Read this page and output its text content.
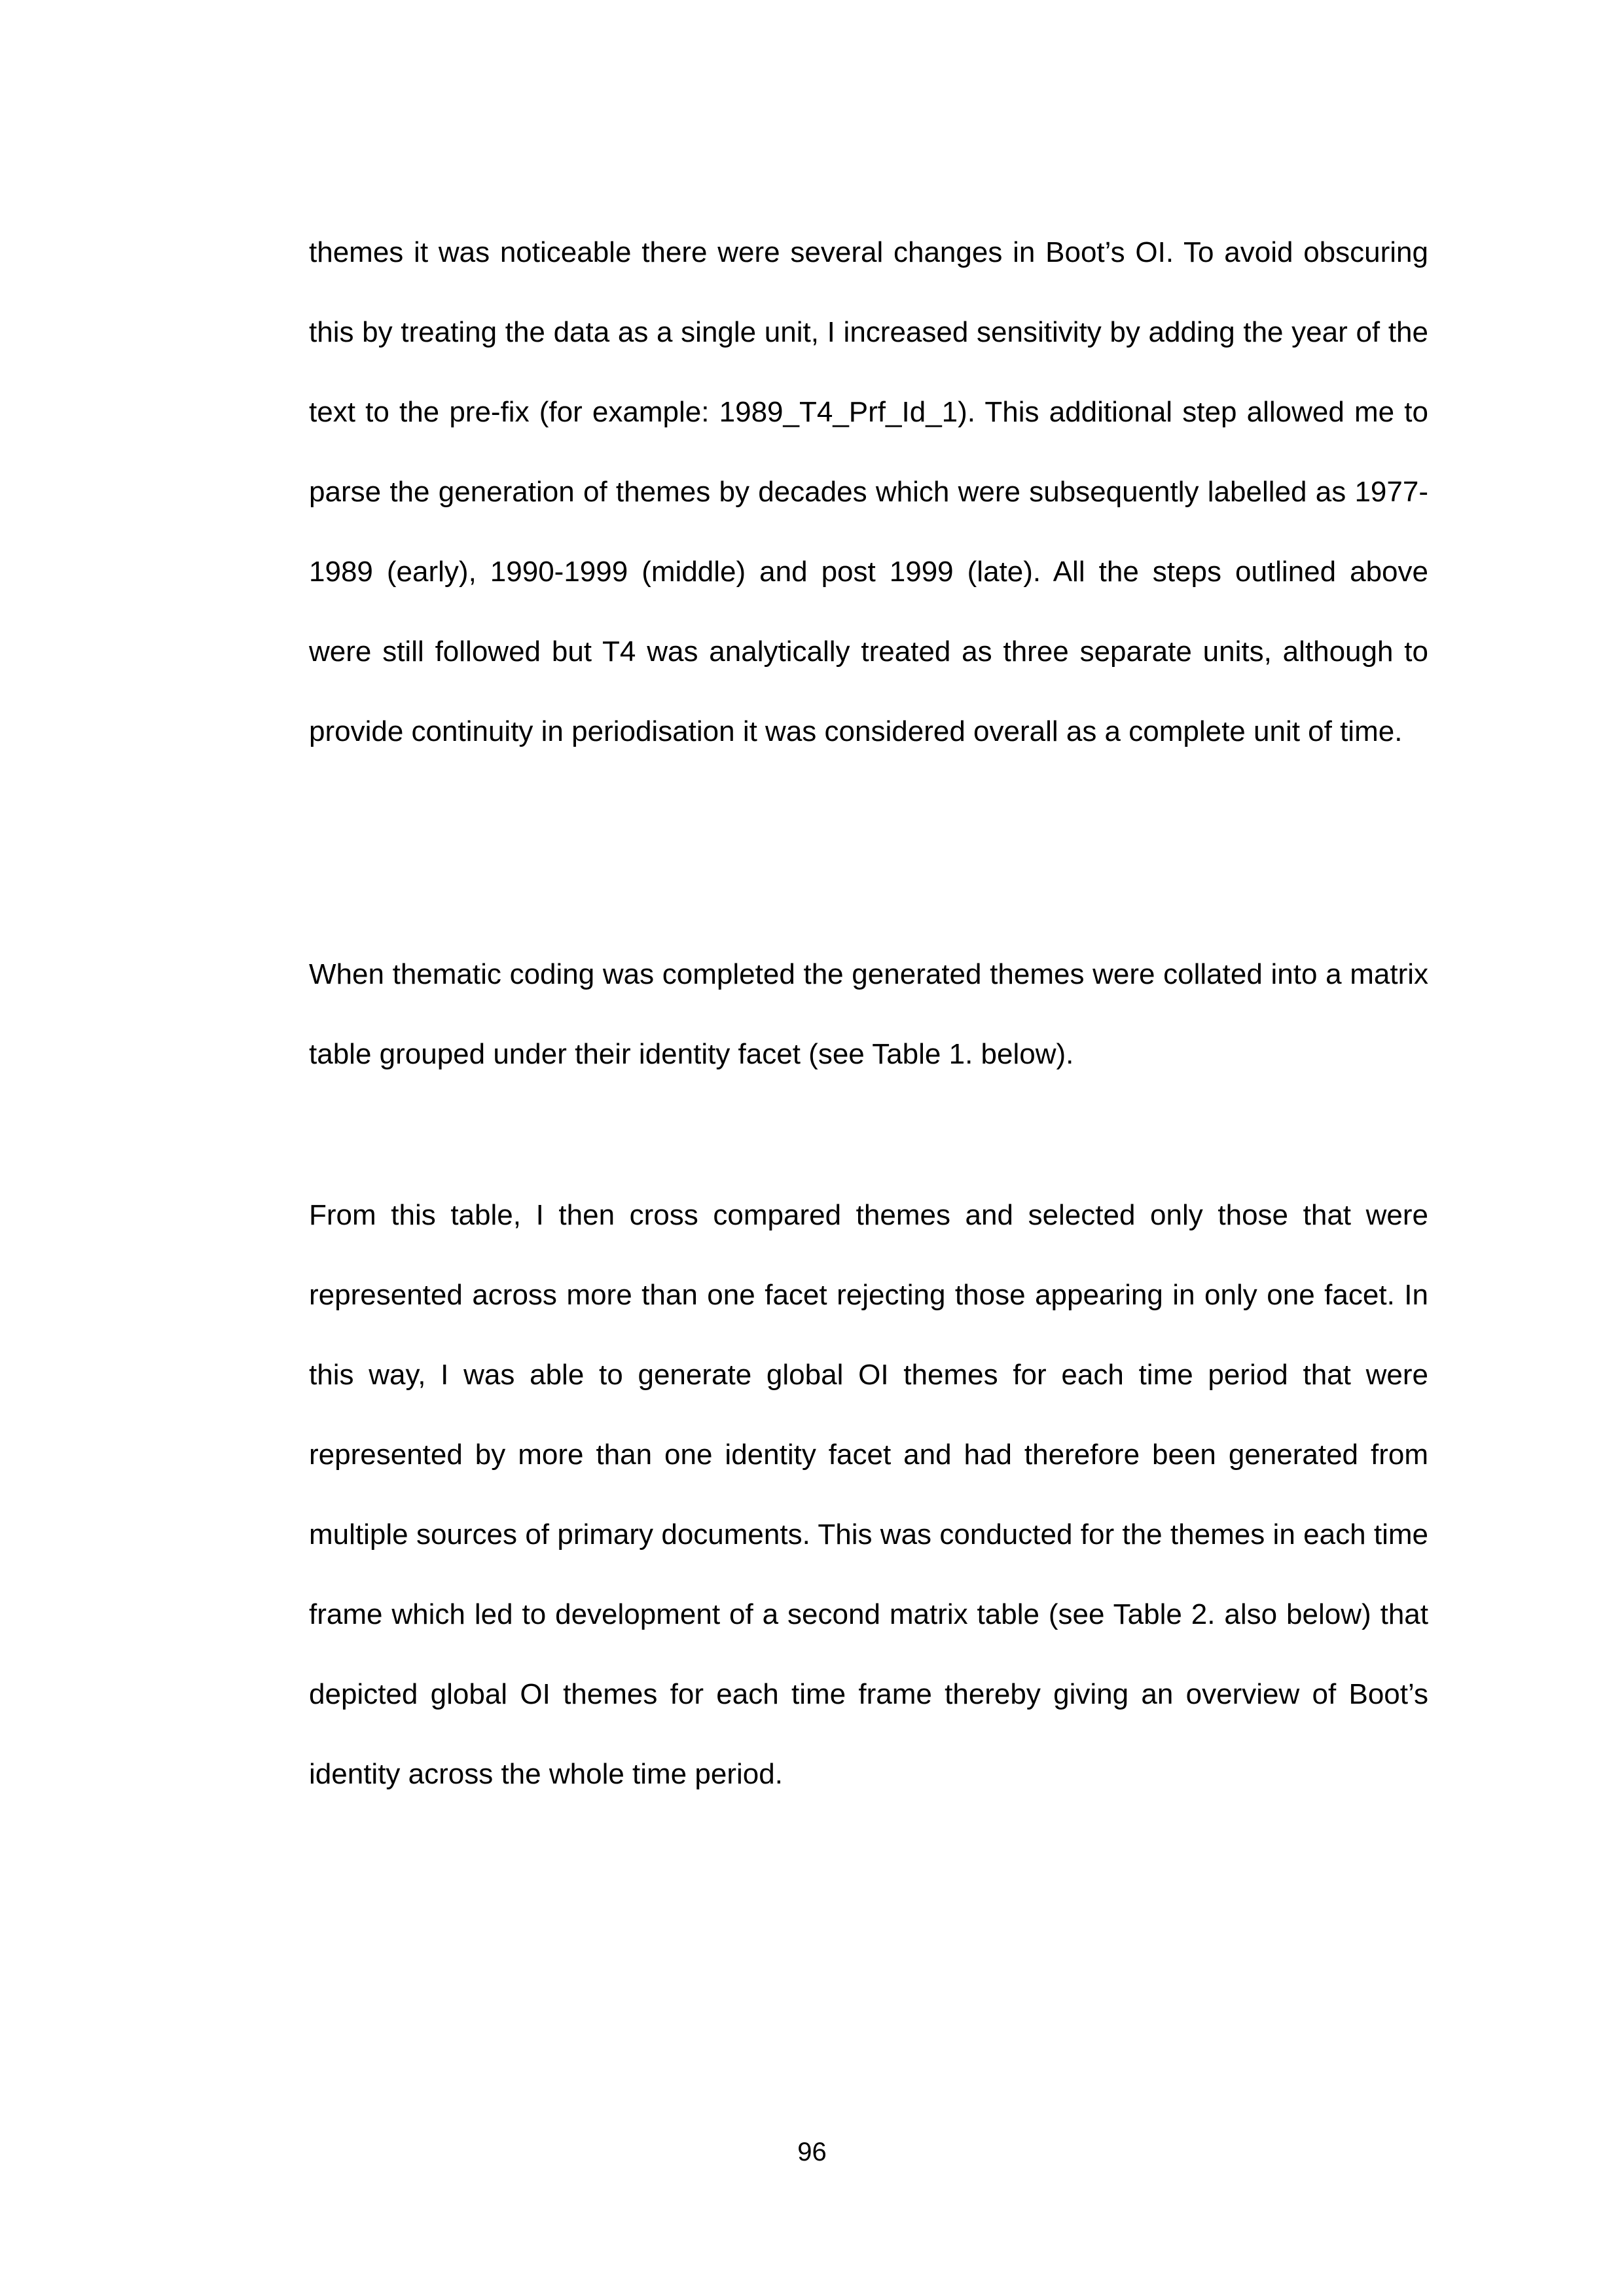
themes it was noticeable there were several changes in Boot’s OI. To avoid obscuring this by treating the data as a single unit, I increased sensitivity by adding the year of the text to the pre-fix (for example: 1989_T4_Prf_Id_1). This additional step allowed me to parse the generation of themes by decades which were subsequently labelled as 1977-1989 (early), 1990-1999 (middle) and post 1999 (late). All the steps outlined above were still followed but T4 was analytically treated as three separate units, although to provide continuity in periodisation it was considered overall as a complete unit of time.

When thematic coding was completed the generated themes were collated into a matrix table grouped under their identity facet (see Table 1. below).

From this table, I then cross compared themes and selected only those that were represented across more than one facet rejecting those appearing in only one facet. In this way, I was able to generate global OI themes for each time period that were represented by more than one identity facet and had therefore been generated from multiple sources of primary documents. This was conducted for the themes in each time frame which led to development of a second matrix table (see Table 2. also below) that depicted global OI themes for each time frame thereby giving an overview of Boot’s identity across the whole time period.

96
